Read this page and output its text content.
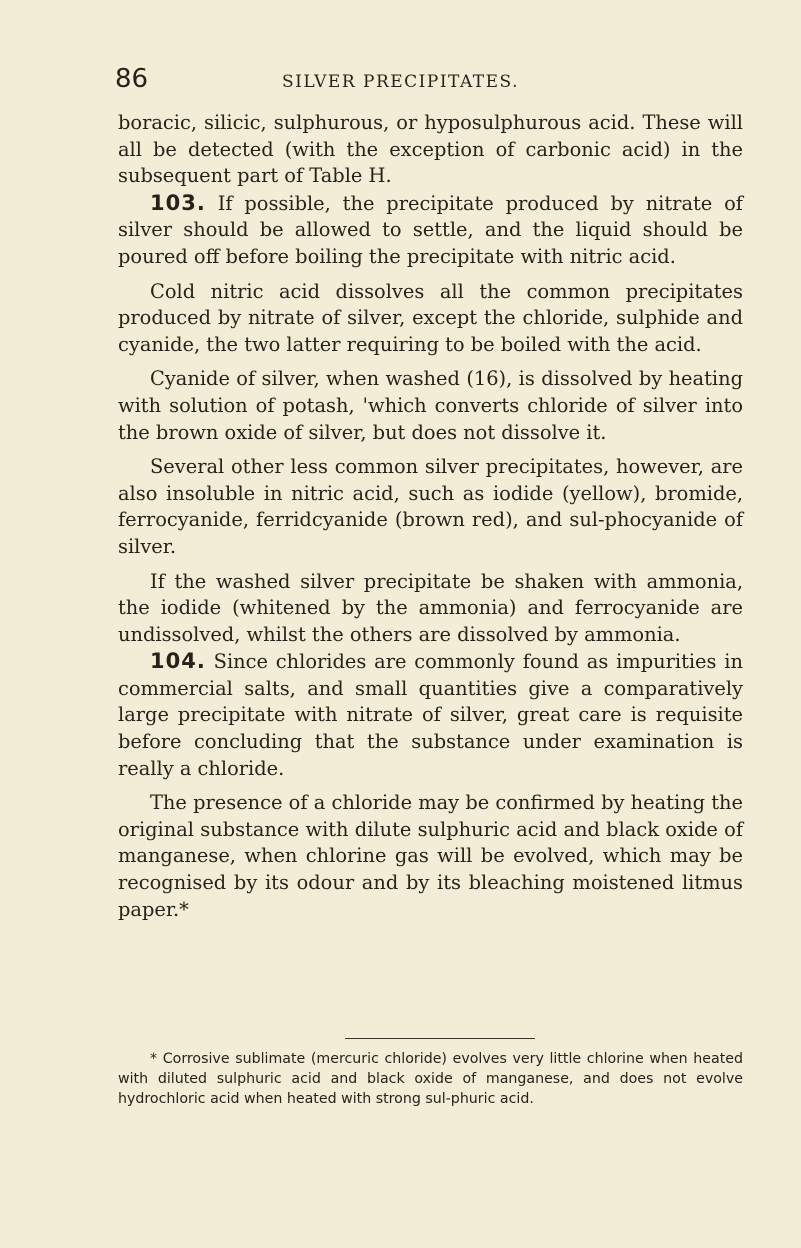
86	SILVER PRECIPITATES.

boracic, silicic, sulphurous, or hyposulphurous acid. These will all be detected (with the exception of carbonic acid) in the subsequent part of Table H.

103. If possible, the precipitate produced by nitrate of silver should be allowed to settle, and the liquid should be poured off before boiling the precipitate with nitric acid.

Cold nitric acid dissolves all the common precipitates produced by nitrate of silver, except the chloride, sulphide and cyanide, the two latter requiring to be boiled with the acid.

Cyanide of silver, when washed (16), is dissolved by heating with solution of potash, 'which converts chloride of silver into the brown oxide of silver, but does not dissolve it.

Several other less common silver precipitates, however, are also insoluble in nitric acid, such as iodide (yellow), bromide, ferrocyanide, ferridcyanide (brown red), and sul-phocyanide of silver.

If the washed silver precipitate be shaken with ammonia, the iodide (whitened by the ammonia) and ferrocyanide are undissolved, whilst the others are dissolved by ammonia.

104. Since chlorides are commonly found as impurities in commercial salts, and small quantities give a comparatively large precipitate with nitrate of silver, great care is requisite before concluding that the substance under examination is really a chloride.

The presence of a chloride may be confirmed by heating the original substance with dilute sulphuric acid and black oxide of manganese, when chlorine gas will be evolved, which may be recognised by its odour and by its bleaching moistened litmus paper.*

* Corrosive sublimate (mercuric chloride) evolves very little chlorine when heated with diluted sulphuric acid and black oxide of manganese, and does not evolve hydrochloric acid when heated with strong sul-phuric acid.
